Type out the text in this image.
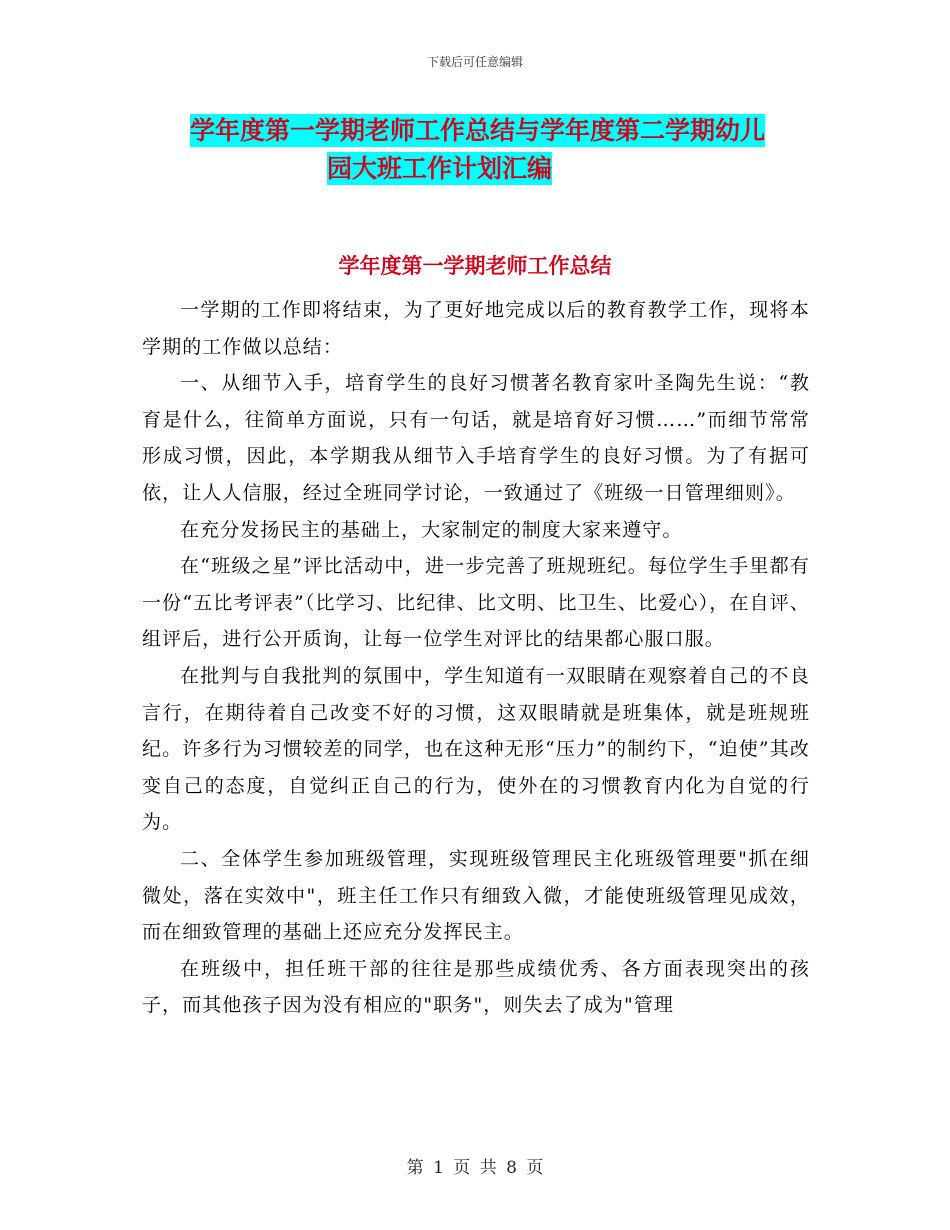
下载后可任意编辑
学年度第一学期老师工作总结与学年度第二学期幼儿
园大班工作计划汇编
学年度第一学期老师工作总结

一学期的工作即将结束，为了更好地完成以后的教育教学工作，现将本学期的工作做以总结：

一、从细节入手，培育学生的良好习惯著名教育家叶圣陶先生说：“教育是什么，往简单方面说，只有一句话，就是培育好习惯……”而细节常常形成习惯，因此，本学期我从细节入手培育学生的良好习惯。为了有据可依，让人人信服，经过全班同学讨论，一致通过了《班级一日管理细则》。

在充分发扬民主的基础上，大家制定的制度大家来遵守。

在“班级之星”评比活动中，进一步完善了班规班纪。每位学生手里都有一份“五比考评表”（比学习、比纪律、比文明、比卫生、比爱心），在自评、组评后，进行公开质询，让每一位学生对评比的结果都心服口服。

在批判与自我批判的氛围中，学生知道有一双眼睛在观察着自己的不良言行，在期待着自己改变不好的习惯，这双眼睛就是班集体，就是班规班纪。许多行为习惯较差的同学，也在这种无形“压力”的制约下，“迫使”其改变自己的态度，自觉纠正自己的行为，使外在的习惯教育内化为自觉的行为。

二、全体学生参加班级管理，实现班级管理民主化班级管理要"抓在细微处，落在实效中"，班主任工作只有细致入微，才能使班级管理见成效，而在细致管理的基础上还应充分发挥民主。

在班级中，担任班干部的往往是那些成绩优秀、各方面表现突出的孩子，而其他孩子因为没有相应的"职务"，则失去了成为"管理

第 1 页 共 8 页
